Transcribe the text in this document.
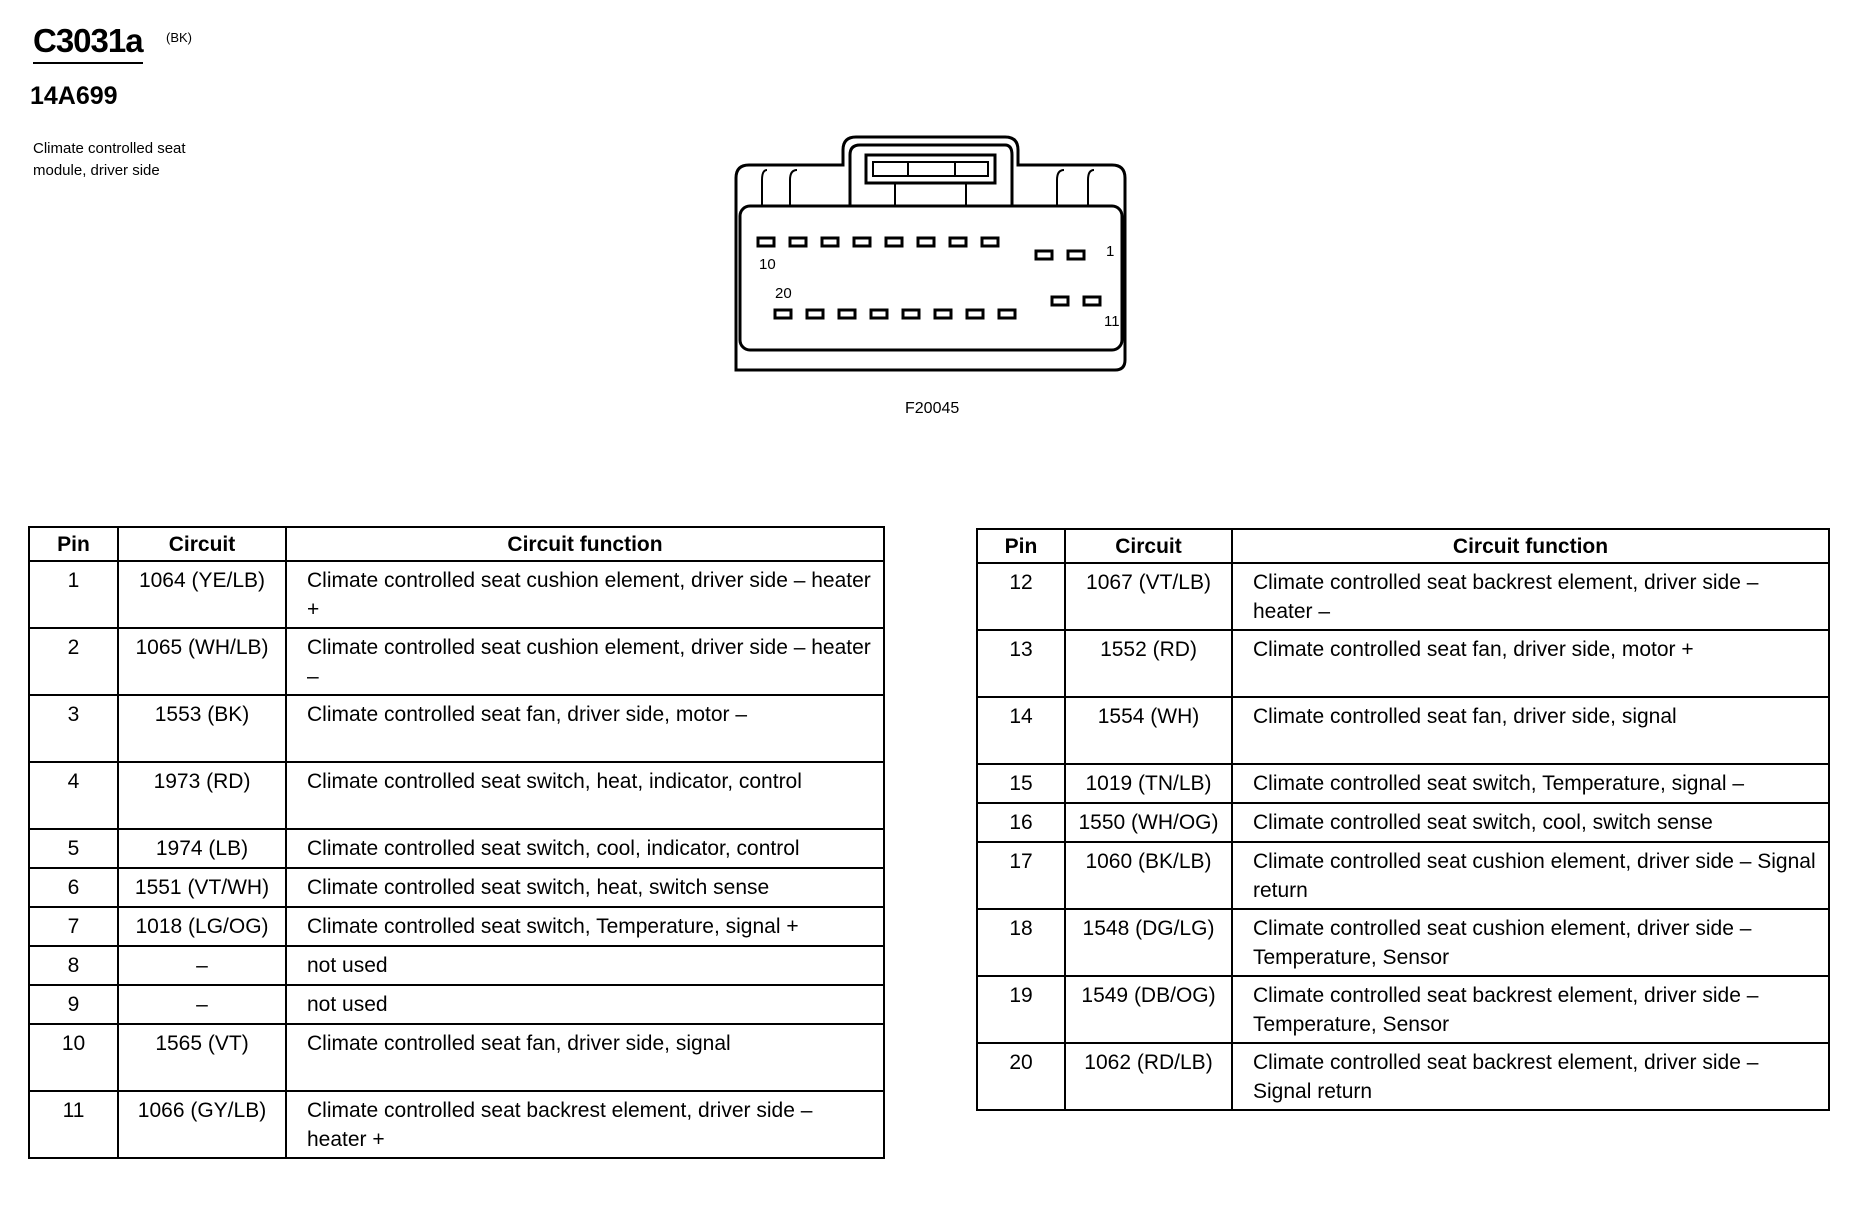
C3031a (BK)
14A699
Climate controlled seat module, driver side
10
20
1
11
F20045
Pin	Circuit	Circuit function
1	1064 (YE/LB)	Climate controlled seat cushion element, driver side – heater +
2	1065 (WH/LB)	Climate controlled seat cushion element, driver side – heater –
3	1553 (BK)	Climate controlled seat fan, driver side, motor –
4	1973 (RD)	Climate controlled seat switch, heat, indicator, control
5	1974 (LB)	Climate controlled seat switch, cool, indicator, control
6	1551 (VT/WH)	Climate controlled seat switch, heat, switch sense
7	1018 (LG/OG)	Climate controlled seat switch, Temperature, signal +
8	–	not used
9	–	not used
10	1565 (VT)	Climate controlled seat fan, driver side, signal
11	1066 (GY/LB)	Climate controlled seat backrest element, driver side – heater +
Pin	Circuit	Circuit function
12	1067 (VT/LB)	Climate controlled seat backrest element, driver side – heater –
13	1552 (RD)	Climate controlled seat fan, driver side, motor +
14	1554 (WH)	Climate controlled seat fan, driver side, signal
15	1019 (TN/LB)	Climate controlled seat switch, Temperature, signal –
16	1550 (WH/OG)	Climate controlled seat switch, cool, switch sense
17	1060 (BK/LB)	Climate controlled seat cushion element, driver side – Signal return
18	1548 (DG/LG)	Climate controlled seat cushion element, driver side – Temperature, Sensor
19	1549 (DB/OG)	Climate controlled seat backrest element, driver side – Temperature, Sensor
20	1062 (RD/LB)	Climate controlled seat backrest element, driver side – Signal return
